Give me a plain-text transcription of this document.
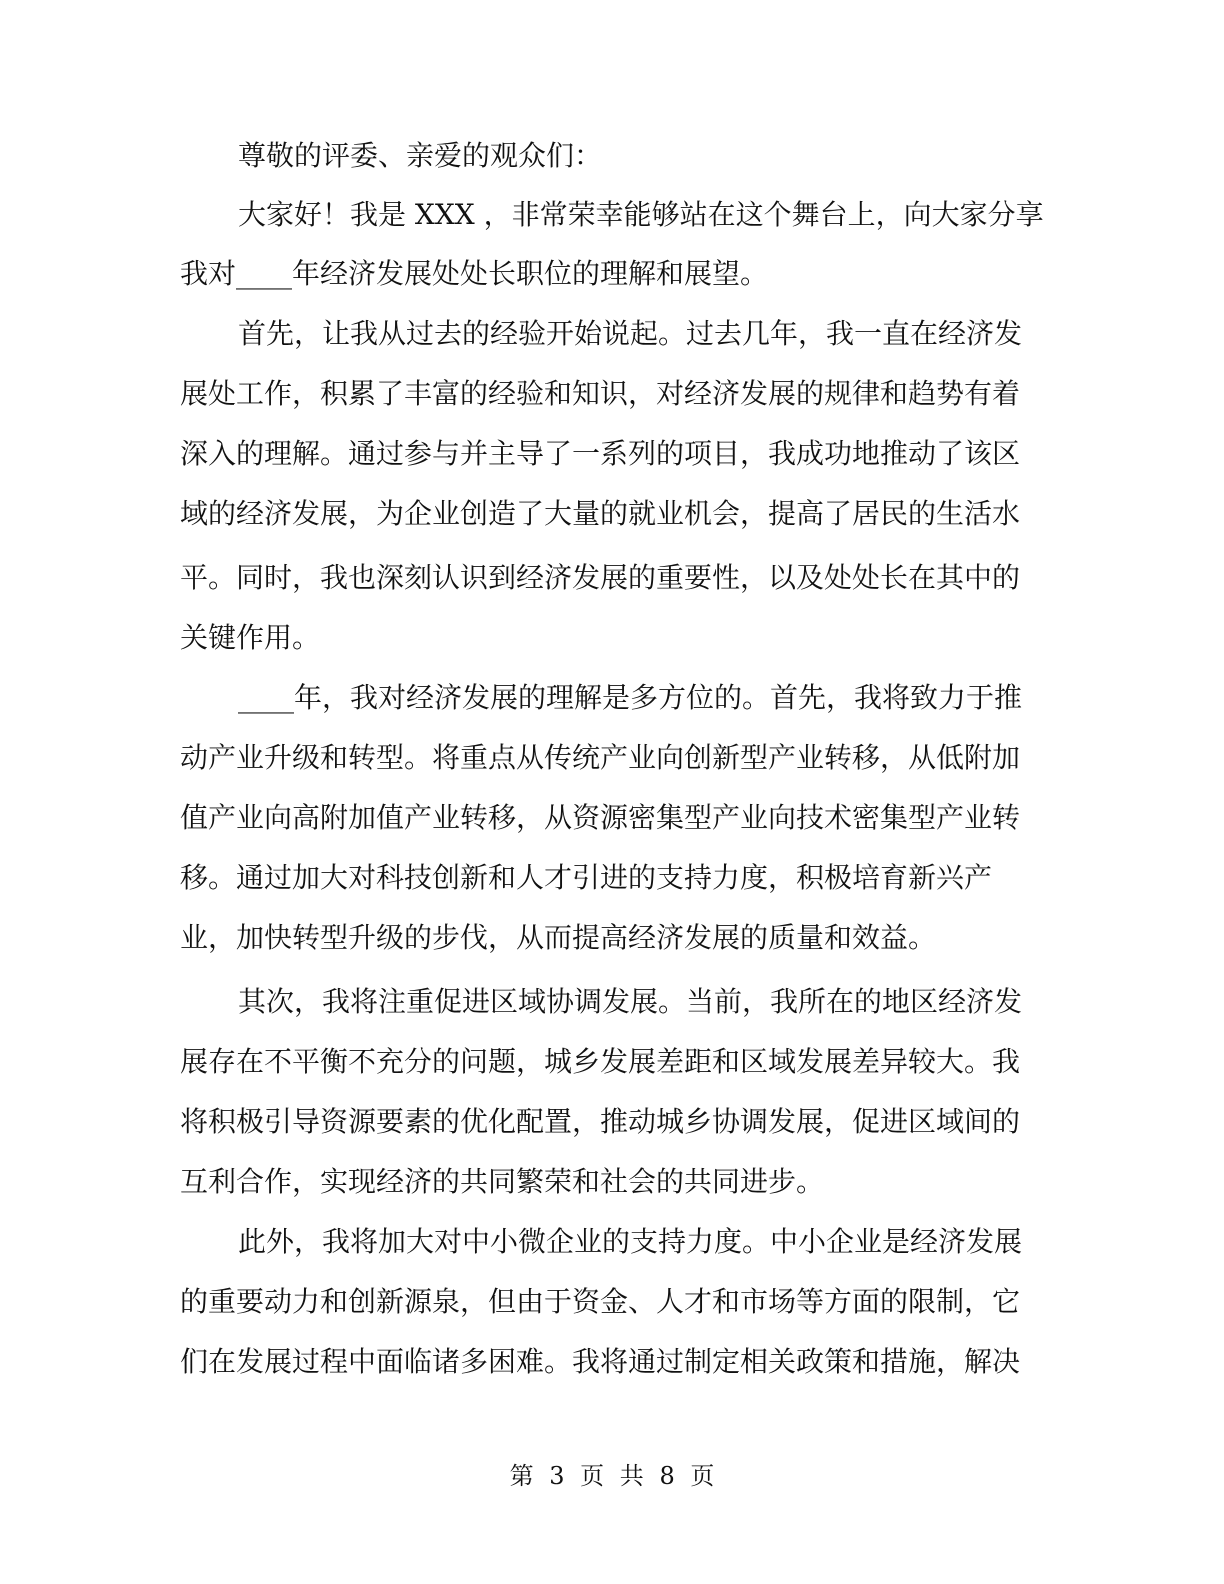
尊敬的评委、亲爱的观众们：
大家好！我是 XXX ，非常荣幸能够站在这个舞台上，向大家分享
我对____年经济发展处处长职位的理解和展望。
首先，让我从过去的经验开始说起。过去几年，我一直在经济发
展处工作，积累了丰富的经验和知识，对经济发展的规律和趋势有着
深入的理解。通过参与并主导了一系列的项目，我成功地推动了该区
域的经济发展，为企业创造了大量的就业机会，提高了居民的生活水
平。同时，我也深刻认识到经济发展的重要性，以及处处长在其中的
关键作用。
____年，我对经济发展的理解是多方位的。首先，我将致力于推
动产业升级和转型。将重点从传统产业向创新型产业转移，从低附加
值产业向高附加值产业转移，从资源密集型产业向技术密集型产业转
移。通过加大对科技创新和人才引进的支持力度，积极培育新兴产
业，加快转型升级的步伐，从而提高经济发展的质量和效益。
其次，我将注重促进区域协调发展。当前，我所在的地区经济发
展存在不平衡不充分的问题，城乡发展差距和区域发展差异较大。我
将积极引导资源要素的优化配置，推动城乡协调发展，促进区域间的
互利合作，实现经济的共同繁荣和社会的共同进步。
此外，我将加大对中小微企业的支持力度。中小企业是经济发展
的重要动力和创新源泉，但由于资金、人才和市场等方面的限制，它
们在发展过程中面临诸多困难。我将通过制定相关政策和措施，解决
第 3 页 共 8 页
